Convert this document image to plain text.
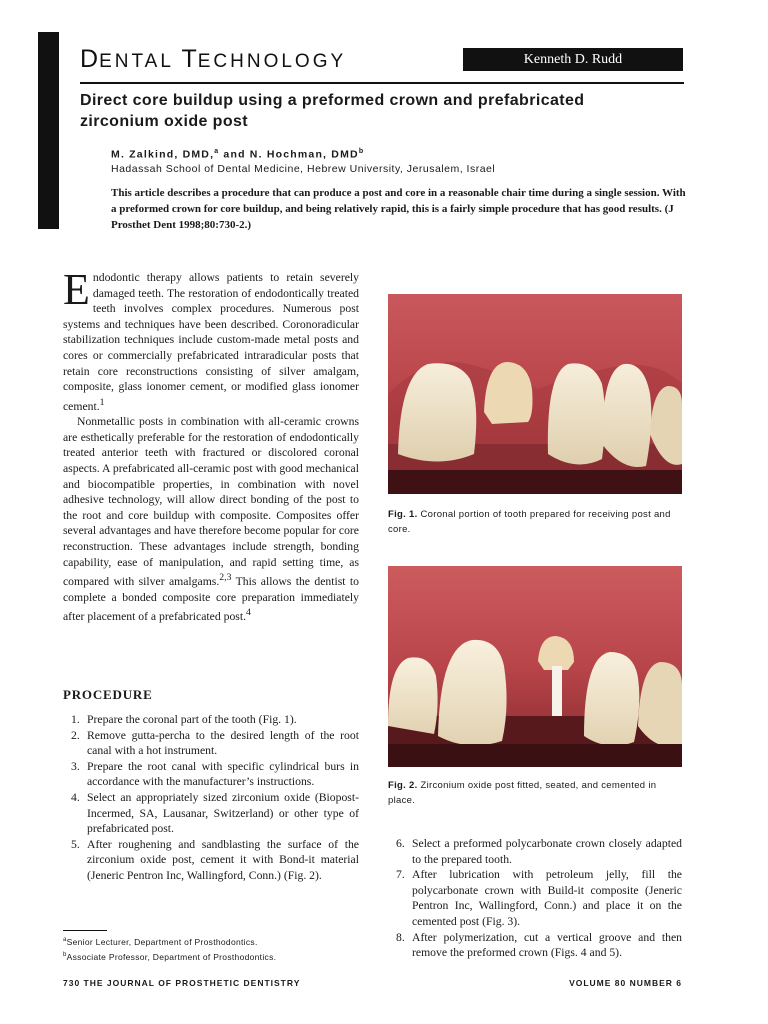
DENTAL TECHNOLOGY	Kenneth D. Rudd
Direct core buildup using a preformed crown and prefabricated
zirconium oxide post
M. Zalkind, DMD,$^a$ and N. Hochman, DMD$^b$
Hadassah School of Dental Medicine, Hebrew University, Jerusalem, Israel
This article describes a procedure that can produce a post and core in a reasonable chair time during a single session. With a preformed crown for core buildup, and being relatively rapid, this is a fairly simple procedure that has good results. (J Prosthet Dent 1998;80:730-2.)

Endodontic therapy allows patients to retain severely damaged teeth. The restoration of endodontically treated teeth involves complex procedures. Numerous post systems and techniques have been described. Coronoradicular stabilization techniques include custom-made metal posts and cores or commercially prefabricated intraradicular posts that retain core reconstructions consisting of silver amalgam, composite, glass ionomer cement, or modified glass ionomer cement.$^1$

Nonmetallic posts in combination with all-ceramic crowns are esthetically preferable for the restoration of endodontically treated anterior teeth with fractured or discolored coronal aspects. A prefabricated all-ceramic post with good mechanical and biocompatible properties, in combination with novel adhesive technology, will allow direct bonding of the post to the root and core buildup with composite. Composites offer several advantages and have therefore become popular for core reconstruction. These advantages include strength, bonding capability, ease of manipulation, and rapid setting time, as compared with silver amalgams.$^{2,3}$ This allows the dentist to complete a bonded composite core preparation immediately after placement of a prefabricated post.$^4$

PROCEDURE
1. Prepare the coronal part of the tooth (Fig. 1).
2. Remove gutta-percha to the desired length of the root canal with a hot instrument.
3. Prepare the root canal with specific cylindrical burs in accordance with the manufacturer’s instructions.
4. Select an appropriately sized zirconium oxide (Biopost-Incermed, SA, Lausanar, Switzerland) or other type of prefabricated post.
5. After roughening and sandblasting the surface of the zirconium oxide post, cement it with Bond-it material (Jeneric Pentron Inc, Wallingford, Conn.) (Fig. 2).
Fig. 1. Coronal portion of tooth prepared for receiving post and core.
Fig. 2. Zirconium oxide post fitted, seated, and cemented in place.
6. Select a preformed polycarbonate crown closely adapted to the prepared tooth.
7. After lubrication with petroleum jelly, fill the polycarbonate crown with Build-it composite (Jeneric Pentron Inc, Wallingford, Conn.) and place it on the cemented post (Fig. 3).
8. After polymerization, cut a vertical groove and then remove the preformed crown (Figs. 4 and 5).
$^a$Senior Lecturer, Department of Prosthodontics.
$^b$Associate Professor, Department of Prosthodontics.
730 THE JOURNAL OF PROSTHETIC DENTISTRY	VOLUME 80 NUMBER 6
